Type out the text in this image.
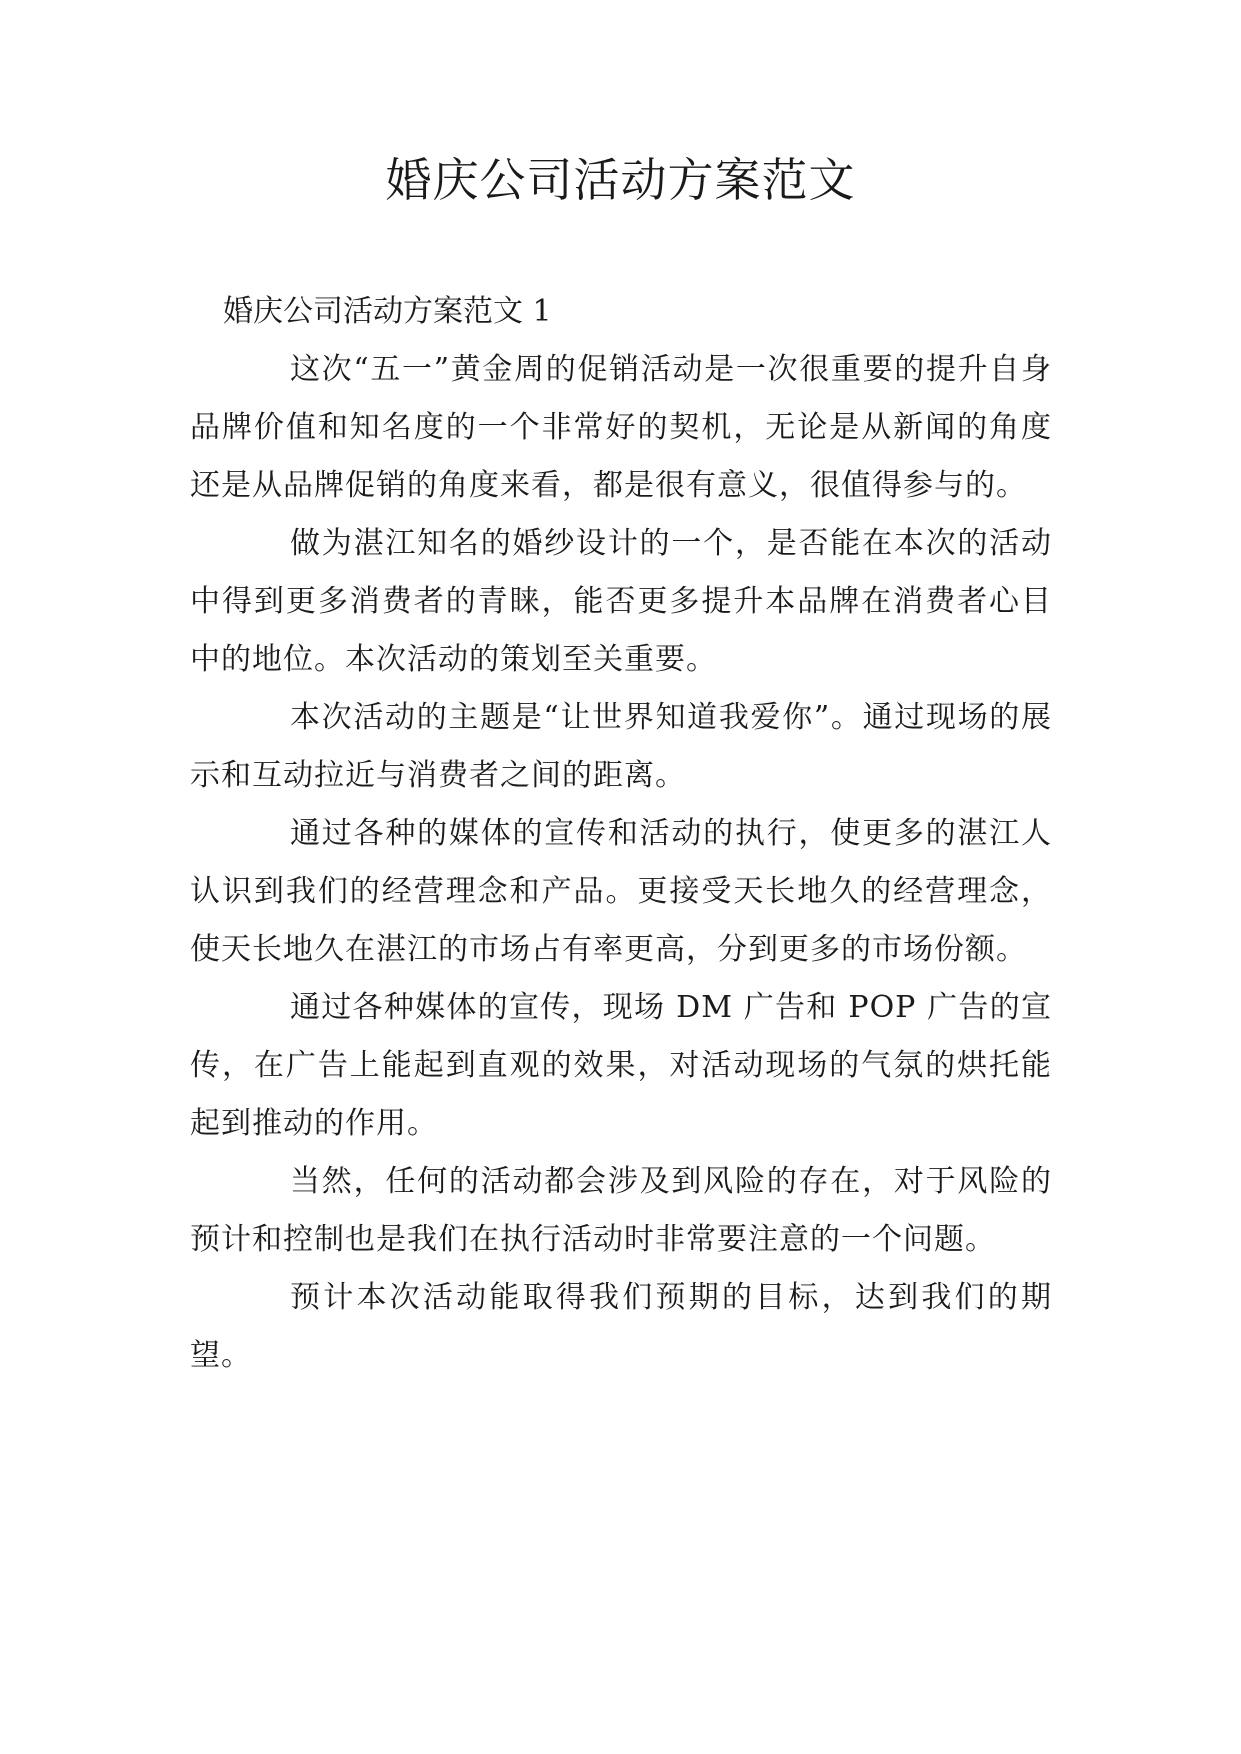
婚庆公司活动方案范文

婚庆公司活动方案范文 1

这次“五一”黄金周的促销活动是一次很重要的提升自身品牌价值和知名度的一个非常好的契机，无论是从新闻的角度还是从品牌促销的角度来看，都是很有意义，很值得参与的。

做为湛江知名的婚纱设计的一个，是否能在本次的活动中得到更多消费者的青睐，能否更多提升本品牌在消费者心目中的地位。本次活动的策划至关重要。

本次活动的主题是“让世界知道我爱你”。通过现场的展示和互动拉近与消费者之间的距离。

通过各种的媒体的宣传和活动的执行，使更多的湛江人认识到我们的经营理念和产品。更接受天长地久的经营理念，使天长地久在湛江的市场占有率更高，分到更多的市场份额。

通过各种媒体的宣传，现场 DM 广告和 POP 广告的宣传，在广告上能起到直观的效果，对活动现场的气氛的烘托能起到推动的作用。

当然，任何的活动都会涉及到风险的存在，对于风险的预计和控制也是我们在执行活动时非常要注意的一个问题。

预计本次活动能取得我们预期的目标，达到我们的期望。
